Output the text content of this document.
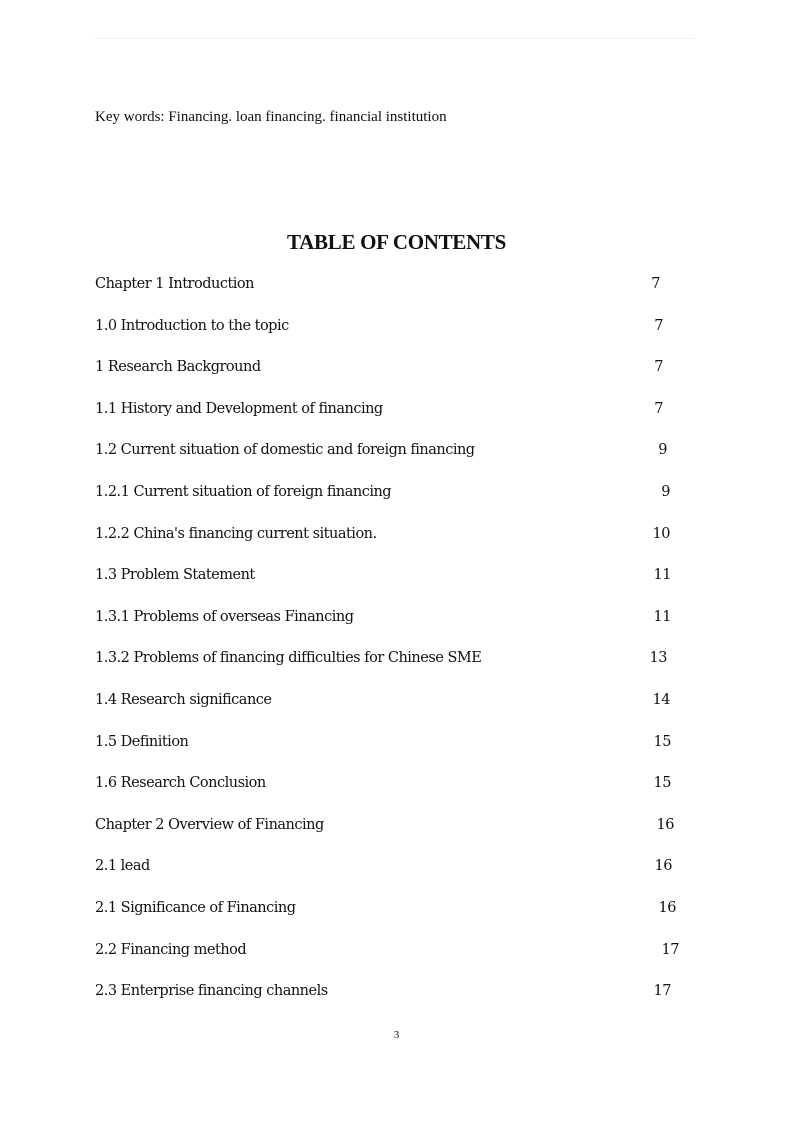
Key words: Financing. loan financing. financial institution
TABLE OF CONTENTS
Chapter 1 Introduction	7
1.0 Introduction to the topic	7
1 Research Background	7
1.1 History and Development of financing	7
1.2 Current situation of domestic and foreign financing	9
1.2.1 Current situation of foreign financing	9
1.2.2 China's financing current situation.	10
1.3 Problem Statement	11
1.3.1 Problems of overseas Financing	11
1.3.2 Problems of financing difficulties for Chinese SME	13
1.4 Research significance	14
1.5 Definition	15
1.6 Research Conclusion	15
Chapter 2 Overview of Financing	16
2.1 lead	16
2.1 Significance of Financing	16
2.2 Financing method	17
2.3 Enterprise financing channels	17
3
